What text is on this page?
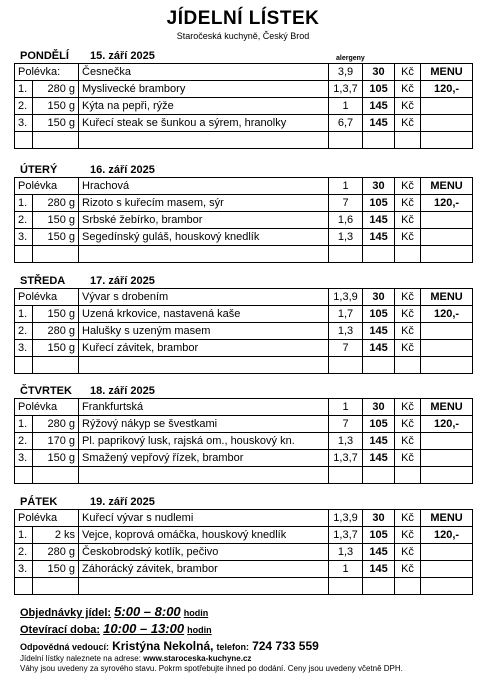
JÍDELNÍ LÍSTEK
Staročeská kuchyně, Český Brod
alergeny
PONDĚLÍ 15. září 2025
Polévka:		Česnečka	3,9	30	Kč	MENU
1.	280 g	Myslivecké brambory	1,3,7	105	Kč	120,-
2.	150 g	Kýta na pepři, rýže	1	145	Kč	
3.	150 g	Kuřecí steak se šunkou a sýrem, hranolky	6,7	145	Kč	

ÚTERÝ	16. září 2025
Polévka		Hrachová	1	30	Kč	MENU
1.	280 g	Rizoto s kuřecím masem, sýr	7	105	Kč	120,-
2.	150 g	Srbské žebírko, brambor	1,6	145	Kč	
3.	150 g	Segedínský guláš, houskový knedlík	1,3	145	Kč	

STŘEDA 17. září 2025
Polévka		Vývar s drobením	1,3,9	30	Kč	MENU
1.	150 g	Uzená krkovice, nastavená kaše	1,7	105	Kč	120,-
2.	280 g	Halušky s uzeným masem	1,3	145	Kč	
3.	150 g	Kuřecí závitek, brambor	7	145	Kč	

ČTVRTEK 18. září 2025
Polévka		Frankfurtská	1	30	Kč	MENU
1.	280 g	Rýžový nákyp se švestkami	7	105	Kč	120,-
2.	170 g	Pl. paprikový lusk, rajská om., houskový kn.	1,3	145	Kč	
3.	150 g	Smažený vepřový řízek, brambor	1,3,7	145	Kč	

PÁTEK	19. září 2025
Polévka		Kuřecí vývar s nudlemi	1,3,9	30	Kč	MENU
1.	2 ks	Vejce, koprová omáčka, houskový knedlík	1,3,7	105	Kč	120,-
2.	280 g	Českobrodský kotlík, pečivo	1,3	145	Kč	
3.	150 g	Záhorácký závitek, brambor	1	145	Kč	

Objednávky jídel: 5:00 – 8:00 hodin
Otevírací doba: 10:00 – 13:00 hodin
Odpovědná vedoucí: Kristýna Nekolná, telefon: 724 733 559
Jídelní lístky naleznete na adrese: www.staroceska-kuchyne.cz
Váhy jsou uvedeny za syrového stavu. Pokrm spotřebujte ihned po dodání. Ceny jsou uvedeny včetně DPH.
